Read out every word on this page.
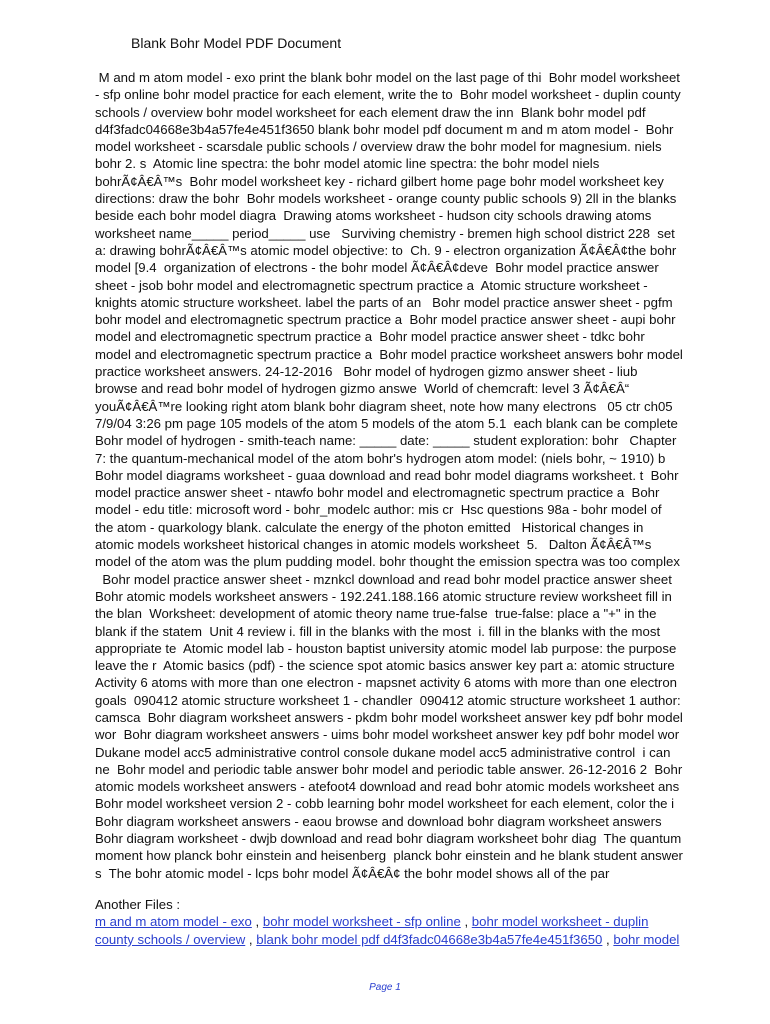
Blank Bohr Model PDF Document
M and m atom model - exo print the blank bohr model on the last page of thi  Bohr model worksheet
- sfp online bohr model practice for each element, write the to  Bohr model worksheet - duplin county
schools / overview bohr model worksheet for each element draw the inn  Blank bohr model pdf
d4f3fadc04668e3b4a57fe4e451f3650 blank bohr model pdf document m and m atom model -  Bohr
model worksheet - scarsdale public schools / overview draw the bohr model for magnesium. niels
bohr 2. s  Atomic line spectra: the bohr model atomic line spectra: the bohr model niels
bohrÃ¢Â€Â™s  Bohr model worksheet key - richard gilbert home page bohr model worksheet key
directions: draw the bohr  Bohr models worksheet - orange county public schools 9) 2ll in the blanks
beside each bohr model diagra  Drawing atoms worksheet - hudson city schools drawing atoms
worksheet name_____ period_____ use   Surviving chemistry - bremen high school district 228  set
a: drawing bohrÃ¢Â€Â™s atomic model objective: to  Ch. 9 - electron organization Ã¢Â€Â¢the bohr
model [9.4  organization of electrons - the bohr model Ã¢Â€Â¢deve  Bohr model practice answer
sheet - jsob bohr model and electromagnetic spectrum practice a  Atomic structure worksheet -
knights atomic structure worksheet. label the parts of an   Bohr model practice answer sheet - pgfm
bohr model and electromagnetic spectrum practice a  Bohr model practice answer sheet - aupi bohr
model and electromagnetic spectrum practice a  Bohr model practice answer sheet - tdkc bohr
model and electromagnetic spectrum practice a  Bohr model practice worksheet answers bohr model
practice worksheet answers. 24-12-2016   Bohr model of hydrogen gizmo answer sheet - liub
browse and read bohr model of hydrogen gizmo answe  World of chemcraft: level 3 Ã¢Â€Â“
youÃ¢Â€Â™re looking right atom blank bohr diagram sheet, note how many electrons   05 ctr ch05
7/9/04 3:26 pm page 105 models of the atom 5 models of the atom 5.1  each blank can be complete
Bohr model of hydrogen - smith-teach name: _____ date: _____ student exploration: bohr   Chapter
7: the quantum-mechanical model of the atom bohr's hydrogen atom model: (niels bohr, ~ 1910) b
Bohr model diagrams worksheet - guaa download and read bohr model diagrams worksheet. t  Bohr
model practice answer sheet - ntawfo bohr model and electromagnetic spectrum practice a  Bohr
model - edu title: microsoft word - bohr_modelc author: mis cr  Hsc questions 98a - bohr model of
the atom - quarkology blank. calculate the energy of the photon emitted   Historical changes in
atomic models worksheet historical changes in atomic models worksheet  5.   Dalton Ã¢Â€Â™s
model of the atom was the plum pudding model. bohr thought the emission spectra was too complex
Bohr model practice answer sheet - mznkcl download and read bohr model practice answer sheet
Bohr atomic models worksheet answers - 192.241.188.166 atomic structure review worksheet fill in
the blan  Worksheet: development of atomic theory name true-false  true-false: place a "+" in the
blank if the statem  Unit 4 review i. fill in the blanks with the most  i. fill in the blanks with the most
appropriate te  Atomic model lab - houston baptist university atomic model lab purpose: the purpose
leave the r  Atomic basics (pdf) - the science spot atomic basics answer key part a: atomic structure
Activity 6 atoms with more than one electron - mapsnet activity 6 atoms with more than one electron
goals  090412 atomic structure worksheet 1 - chandler  090412 atomic structure worksheet 1 author:
camsca  Bohr diagram worksheet answers - pkdm bohr model worksheet answer key pdf bohr model
wor  Bohr diagram worksheet answers - uims bohr model worksheet answer key pdf bohr model wor
Dukane model acc5 administrative control console dukane model acc5 administrative control  i can
ne  Bohr model and periodic table answer bohr model and periodic table answer. 26-12-2016 2  Bohr
atomic models worksheet answers - atefoot4 download and read bohr atomic models worksheet ans
Bohr model worksheet version 2 - cobb learning bohr model worksheet for each element, color the i
Bohr diagram worksheet answers - eaou browse and download bohr diagram worksheet answers
Bohr diagram worksheet - dwjb download and read bohr diagram worksheet bohr diag  The quantum
moment how planck bohr einstein and heisenberg  planck bohr einstein and he blank student answer
s  The bohr atomic model - lcps bohr model Ã¢Â€Â¢ the bohr model shows all of the par
Another Files :
m and m atom model - exo , bohr model worksheet - sfp online , bohr model worksheet - duplin
county schools / overview , blank bohr model pdf d4f3fadc04668e3b4a57fe4e451f3650 , bohr model
Page 1
